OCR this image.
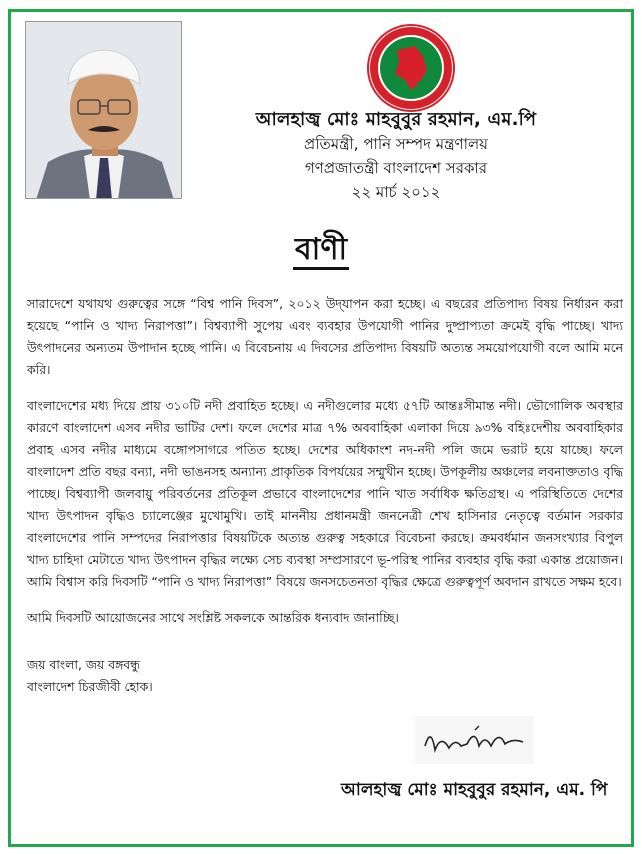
আলহাজ্ব মোঃ মাহবুবুর রহমান, এম.পি
প্রতিমন্ত্রী, পানি সম্পদ মন্ত্রণালয়
গণপ্রজাতন্ত্রী বাংলাদেশ সরকার
২২ মার্চ ২০১২
বাণী

সারাদেশে যথাযথ গুরুত্বের সঙ্গে “বিশ্ব পানি দিবস”, ২০১২ উদ্‌যাপন করা হচ্ছে। এ বছরের প্রতিপাদ্য বিষয় নির্ধারন করা হয়েছে “পানি ও খাদ্য নিরাপত্তা”। বিশ্বব্যাপী সুপেয় এবং ব্যবহার উপযোগী পানির দুষ্প্রাপ্যতা ক্রমেই বৃদ্ধি পাচ্ছে। খাদ্য উৎপাদনের অন্যতম উপাদান হচ্ছে পানি। এ বিবেচনায় এ দিবসের প্রতিপাদ্য বিষয়টি অত্যন্ত সময়োপযোগী বলে আমি মনে করি।

বাংলাদেশের মধ্য দিয়ে প্রায় ৩১০টি নদী প্রবাহিত হচ্ছে। এ নদীগুলোর মধ্যে ৫৭টি আন্তঃসীমান্ত নদী। ভৌগোলিক অবস্থার কারণে বাংলাদেশ এসব নদীর ভাটির দেশ। ফলে দেশের মাত্র ৭% অববাহিকা এলাকা দিয়ে ৯৩% বহিঃদেশীয় অববাহিকার প্রবাহ এসব নদীর মাধ্যমে বঙ্গোপসাগরে পতিত হচ্ছে। দেশের অধিকাংশ নদ-নদী পলি জমে ভরাট হয়ে যাচ্ছে। ফলে বাংলাদেশ প্রতি বছর বন্যা, নদী ভাঙনসহ অন্যান্য প্রাকৃতিক বিপর্যয়ের সম্মুখীন হচ্ছে। উপকূলীয় অঞ্চলের লবনাক্ততাও বৃদ্ধি পাচ্ছে। বিশ্বব্যাপী জলবায়ু পরিবর্তনের প্রতিকূল প্রভাবে বাংলাদেশের পানি খাত সর্বাধিক ক্ষতিগ্রস্থ। এ পরিস্থিতিতে দেশের খাদ্য উৎপাদন বৃদ্ধিও চ্যালেঞ্জের মুখোমুখি। তাই মাননীয় প্রধানমন্ত্রী জননেত্রী শেখ হাসিনার নেতৃত্বে বর্তমান সরকার বাংলাদেশের পানি সম্পদের নিরাপত্তার বিষয়টিকে অত্যন্ত গুরুত্ব সহকারে বিবেচনা করছে। ক্রমবর্ধমান জনসংখ্যার বিপুল খাদ্য চাহিদা মেটাতে খাদ্য উৎপাদন বৃদ্ধির লক্ষ্যে সেচ ব্যবস্থা সম্প্রসারণে ভূ-পরিস্থ পানির ব্যবহার বৃদ্ধি করা একান্ত প্রয়োজন। আমি বিশ্বাস করি দিবসটি “পানি ও খাদ্য নিরাপত্তা” বিষয়ে জনসচেতনতা বৃদ্ধির ক্ষেত্রে গুরুত্বপূর্ণ অবদান রাখতে সক্ষম হবে।

আমি দিবসটি আয়োজনের সাথে সংশ্লিষ্ট সকলকে আন্তরিক ধন্যবাদ জানাচ্ছি।

জয় বাংলা, জয় বঙ্গবন্ধু
বাংলাদেশ চিরজীবী হোক।
আলহাজ্ব মোঃ মাহবুবুর রহমান, এম. পি
